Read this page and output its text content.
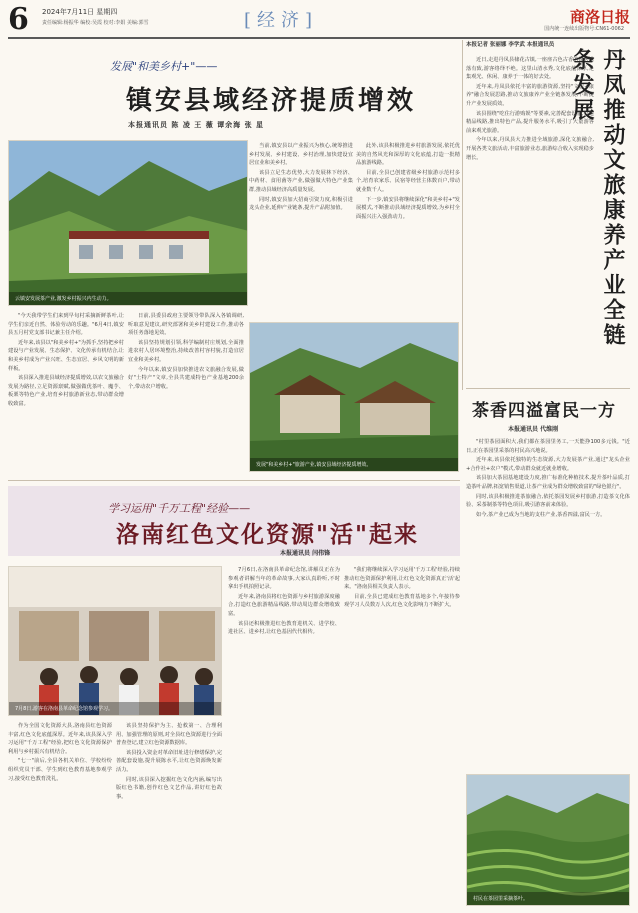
6 2024年7月11日 星期四
责任编辑:杨振华 编校:吴霞 校对:李娟 美编:郭雪	[经济]	商洛日报
国内统一连续出版物号:CN61-0062
发展"和美乡村+"——
镇安县域经济提质增效
本报通讯员 陈 凌 王 薇 谭余海 张 星
云镇安发展茶产业,激发乡村振兴内生动力。

"今天我带学生们来到早旬村采摘新鲜茶叶,让学生们亲近自然、体验劳动的乐趣。"6月4日,镇安县五月村党支部书记兼主任介绍。

近年来,该县以"和美乡村+"为抓手,坚持把乡村建设与产业发展、生态保护、文化传承有机结合,让和美乡村成为产业兴旺、生态宜居、乡风文明的新样板。

该县深入推进县域经济提质增效,以农文旅融合发展为路径,立足资源禀赋,做强做优茶叶、魔芋、板栗等特色产业,培育乡村旅游新业态,带动群众增收致富。

日前,县委县政府主要领导带队深入各镇调研,听取意见建议,研究部署和美乡村建设工作,推动各项任务落地见效。

该县坚持规划引领,科学编制村庄规划,全面推进农村人居环境整治,持续改善村容村貌,打造宜居宜业和美乡村。

今年以来,镇安县加快推进农文旅融合发展,做好"土特产"文章,全县共建成特色产业基地200余个,带动农户增收。

当前,镇安县以产业振兴为核心,统筹推进乡村发展、乡村建设、乡村治理,加快建设宜居宜业和美乡村。

该县立足生态优势,大力发展林下经济、中药材、食用菌等产业,做强做大特色产业集群,推动县域经济高质量发展。

同时,镇安县加大招商引资力度,积极引进龙头企业,延伸产业链条,提升产品附加值。

此外,该县积极推进乡村旅游发展,依托优美的自然风光和深厚的文化底蕴,打造一批精品旅游线路。

目前,全县已创建省级乡村旅游示范村多个,培育农家乐、民宿等经营主体数百户,带动就业数千人。

下一步,镇安县将继续深化"和美乡村+"发展模式,不断推动县域经济提质增效,为乡村全面振兴注入强劲动力。

发展"和美乡村+"旅游产业,镇安县域经济提质增效。
本报记者 张丽娜 李学武 本报通讯员
丹凤推动文旅康养产业全链条发展

近日,走进丹凤县棣花古镇,一座座古色古香的民居错落有致,游客络绎不绝。这里山清水秀,文化底蕴深厚,是集观光、休闲、康养于一体的好去处。

近年来,丹凤县依托丰富的旅游资源,坚持"文旅+康养"融合发展思路,推动文旅康养产业全链条发展,不断提升产业发展质效。

该县围绕"吃住行游购娱"等要素,完善配套设施,打造精品线路,推出特色产品,提升服务水平,吸引了大量游客前来观光旅游。

今年以来,丹凤县大力推进全域旅游,深化文旅融合,开展各类文旅活动,丰富旅游业态,旅游综合收入实现稳步增长。

茶香四溢富民一方
本报通讯员 代维刚

"村里茶园面积大,我们都在茶园里务工,一天能挣100多元钱。"近日,正在茶园里采茶的村民高兴地说。

近年来,该县依托独特的生态资源,大力发展茶产业,通过"龙头企业+合作社+农户"模式,带动群众就近就业增收。

该县加大茶园基地建设力度,推广标准化种植技术,提升茶叶品质,打造茶叶品牌,拓宽销售渠道,让茶产业成为群众增收致富的"绿色银行"。

同时,该县积极推进茶旅融合,依托茶园发展乡村旅游,打造茶文化体验、采茶制茶等特色项目,吸引游客前来体验。

如今,茶产业已成为当地的支柱产业,茶香四溢,富民一方。

村民在茶园里采摘茶叶。
学习运用"千万工程"经验——
洛南红色文化资源"活"起来
本报通讯员 闫伟锋
7月8日,游客在洛南县革命纪念馆参观学习。

作为全国文化资源大县,洛南县红色资源丰富,红色文化底蕴深厚。近年来,该县深入学习运用"千万工程"经验,把红色文化资源保护利用与乡村振兴有机结合。

"七一"前后,全县各机关单位、学校纷纷组织党员干部、学生到红色教育基地参观学习,接受红色教育洗礼。

该县坚持保护为主、抢救第一、合理利用、加强管理的原则,对全县红色资源进行全面普查登记,建立红色资源数据库。

该县投入资金对革命旧址进行修缮保护,完善配套设施,提升展陈水平,让红色资源焕发新活力。

同时,该县深入挖掘红色文化内涵,编写出版红色书籍,创作红色文艺作品,讲好红色故事。

7月6日,在洛南县革命纪念馆,讲解员正在为参观者讲解当年的革命故事,大家认真聆听,不时拿出手机拍照记录。

近年来,洛南县将红色资源与乡村旅游深度融合,打造红色旅游精品线路,带动周边群众增收致富。

该县还积极推进红色教育进机关、进学校、进社区、进乡村,让红色基因代代相传。

"我们将继续深入学习运用'千万工程'经验,持续推动红色资源保护利用,让红色文化资源真正'活'起来。"洛南县相关负责人表示。

目前,全县已建成红色教育基地多个,年接待参观学习人员数万人次,红色文化影响力不断扩大。
